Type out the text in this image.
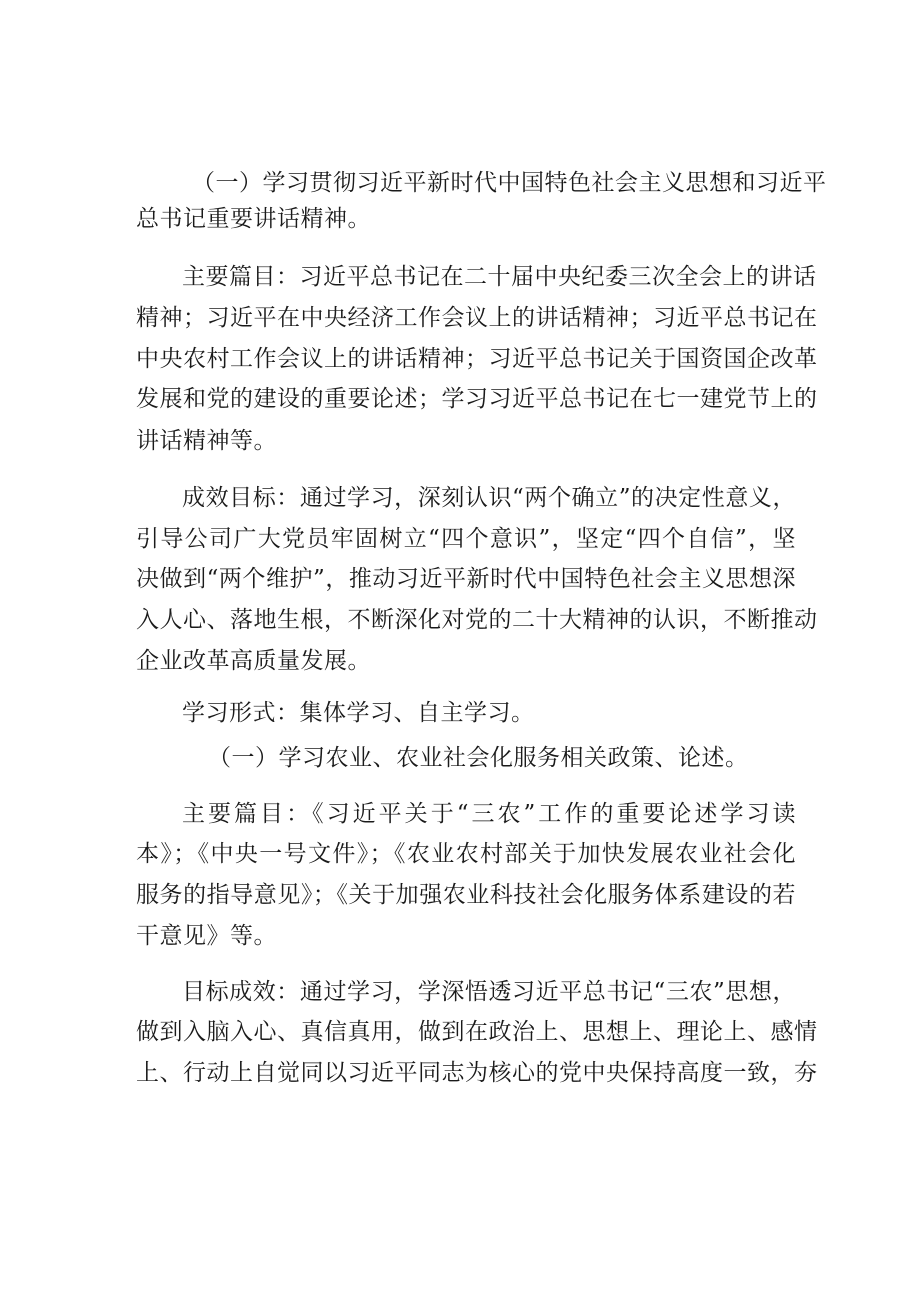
（一）学习贯彻习近平新时代中国特色社会主义思想和习近平
总书记重要讲话精神。
主要篇目：习近平总书记在二十届中央纪委三次全会上的讲话
精神；习近平在中央经济工作会议上的讲话精神；习近平总书记在
中央农村工作会议上的讲话精神；习近平总书记关于国资国企改革
发展和党的建设的重要论述；学习习近平总书记在七一建党节上的
讲话精神等。
成效目标：通过学习，深刻认识“两个确立”的决定性意义，
引导公司广大党员牢固树立“四个意识”，坚定“四个自信”，坚
决做到“两个维护”，推动习近平新时代中国特色社会主义思想深
入人心、落地生根，不断深化对党的二十大精神的认识，不断推动
企业改革高质量发展。
学习形式：集体学习、自主学习。
（一）学习农业、农业社会化服务相关政策、论述。
主要篇目：《习近平关于“三农”工作的重要论述学习读
本》；《中央一号文件》；《农业农村部关于加快发展农业社会化
服务的指导意见》；《关于加强农业科技社会化服务体系建设的若
干意见》等。
目标成效：通过学习，学深悟透习近平总书记“三农”思想，
做到入脑入心、真信真用，做到在政治上、思想上、理论上、感情
上、行动上自觉同以习近平同志为核心的党中央保持高度一致，夯
